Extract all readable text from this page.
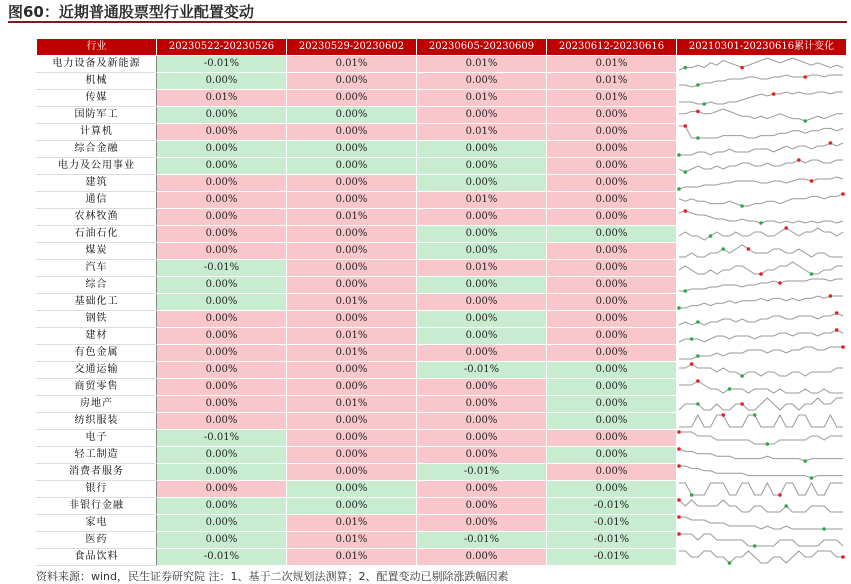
图60：近期普通股票型行业配置变动
行业	20230522-20230526	20230529-20230602	20230605-20230609	20230612-20230616	20210301-20230616累计变化
电力设备及新能源	-0.01%	0.01%	0.01%	0.01%	

机械	0.00%	0.00%	0.00%	0.01%	

传媒	0.01%	0.00%	0.01%	0.01%	

国防军工	0.00%	0.00%	0.00%	0.00%	

计算机	0.00%	0.00%	0.01%	0.00%	

综合金融	0.00%	0.00%	0.00%	0.00%	

电力及公用事业	0.00%	0.00%	0.00%	0.00%	

建筑	0.00%	0.00%	0.00%	0.00%	

通信	0.00%	0.00%	0.01%	0.00%	

农林牧渔	0.00%	0.01%	0.00%	0.00%	

石油石化	0.00%	0.00%	0.00%	0.00%	

煤炭	0.00%	0.00%	0.00%	0.00%	

汽车	-0.01%	0.00%	0.01%	0.00%	

综合	0.00%	0.00%	0.00%	0.00%	

基础化工	0.00%	0.01%	0.00%	0.00%	

钢铁	0.00%	0.00%	0.00%	0.00%	

建材	0.00%	0.01%	0.00%	0.00%	

有色金属	0.00%	0.01%	0.00%	0.00%	

交通运输	0.00%	0.00%	-0.01%	0.00%	

商贸零售	0.00%	0.00%	0.00%	0.00%	

房地产	0.00%	0.01%	0.00%	0.00%	

纺织服装	0.00%	0.00%	0.00%	0.00%	

电子	-0.01%	0.00%	0.00%	0.00%	

轻工制造	0.00%	0.00%	0.00%	0.00%	

消费者服务	0.00%	0.00%	-0.01%	0.00%	

银行	0.00%	0.00%	0.00%	0.00%	

非银行金融	0.00%	0.00%	0.00%	-0.01%	

家电	0.00%	0.01%	0.00%	-0.01%	

医药	0.00%	0.01%	-0.01%	-0.01%	

食品饮料	-0.01%	0.01%	0.00%	-0.01%	
资料来源：wind，民生证券研究院 注：1、基于二次规划法测算；2、配置变动已剔除涨跌幅因素
